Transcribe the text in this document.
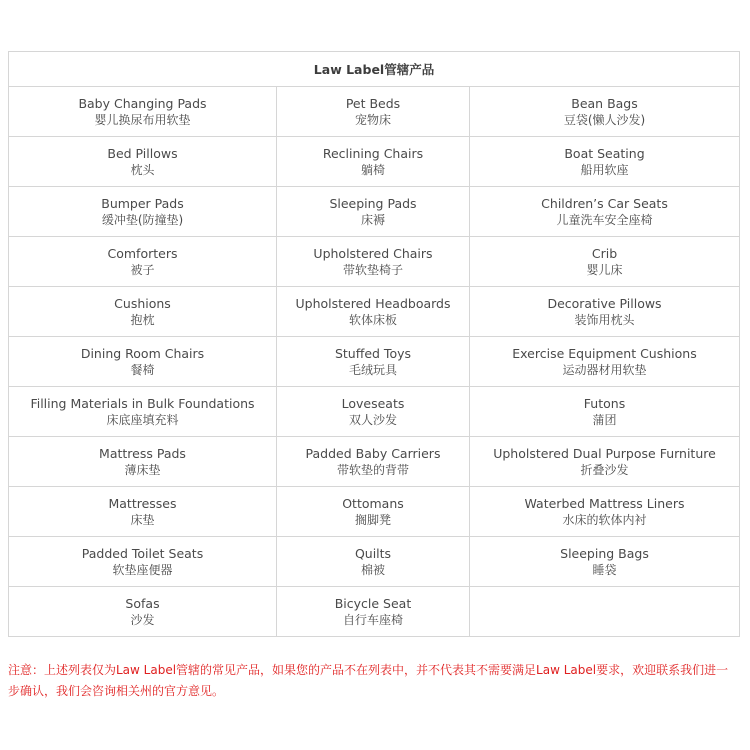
Law Label管辖产品		

Baby Changing Pads
婴儿换尿布用软垫	Pet Beds
宠物床	Bean Bags
豆袋(懒人沙发)

Bed Pillows
枕头	Reclining Chairs
躺椅	Boat Seating
船用软座

Bumper Pads
缓冲垫(防撞垫)	Sleeping Pads
床褥	Children’s Car Seats
儿童洗车安全座椅

Comforters
被子	Upholstered Chairs
带软垫椅子	Crib
婴儿床

Cushions
抱枕	Upholstered Headboards
软体床板	Decorative Pillows
装饰用枕头

Dining Room Chairs
餐椅	Stuffed Toys
毛绒玩具	Exercise Equipment Cushions
运动器材用软垫

Filling Materials in Bulk Foundations
床底座填充料	Loveseats
双人沙发	Futons
蒲团

Mattress Pads
薄床垫	Padded Baby Carriers
带软垫的背带	Upholstered Dual Purpose Furniture
折叠沙发

Mattresses
床垫	Ottomans
搁脚凳	Waterbed Mattress Liners
水床的软体内衬

Padded Toilet Seats
软垫座便器	Quilts
棉被	Sleeping Bags
睡袋

Sofas
沙发	Bicycle Seat
自行车座椅	

注意：上述列表仅为Law Label管辖的常见产品，如果您的产品不在列表中，并不代表其不需要满足Law Label要求，欢迎联系我们进一步确认，我们会咨询相关州的官方意见。
